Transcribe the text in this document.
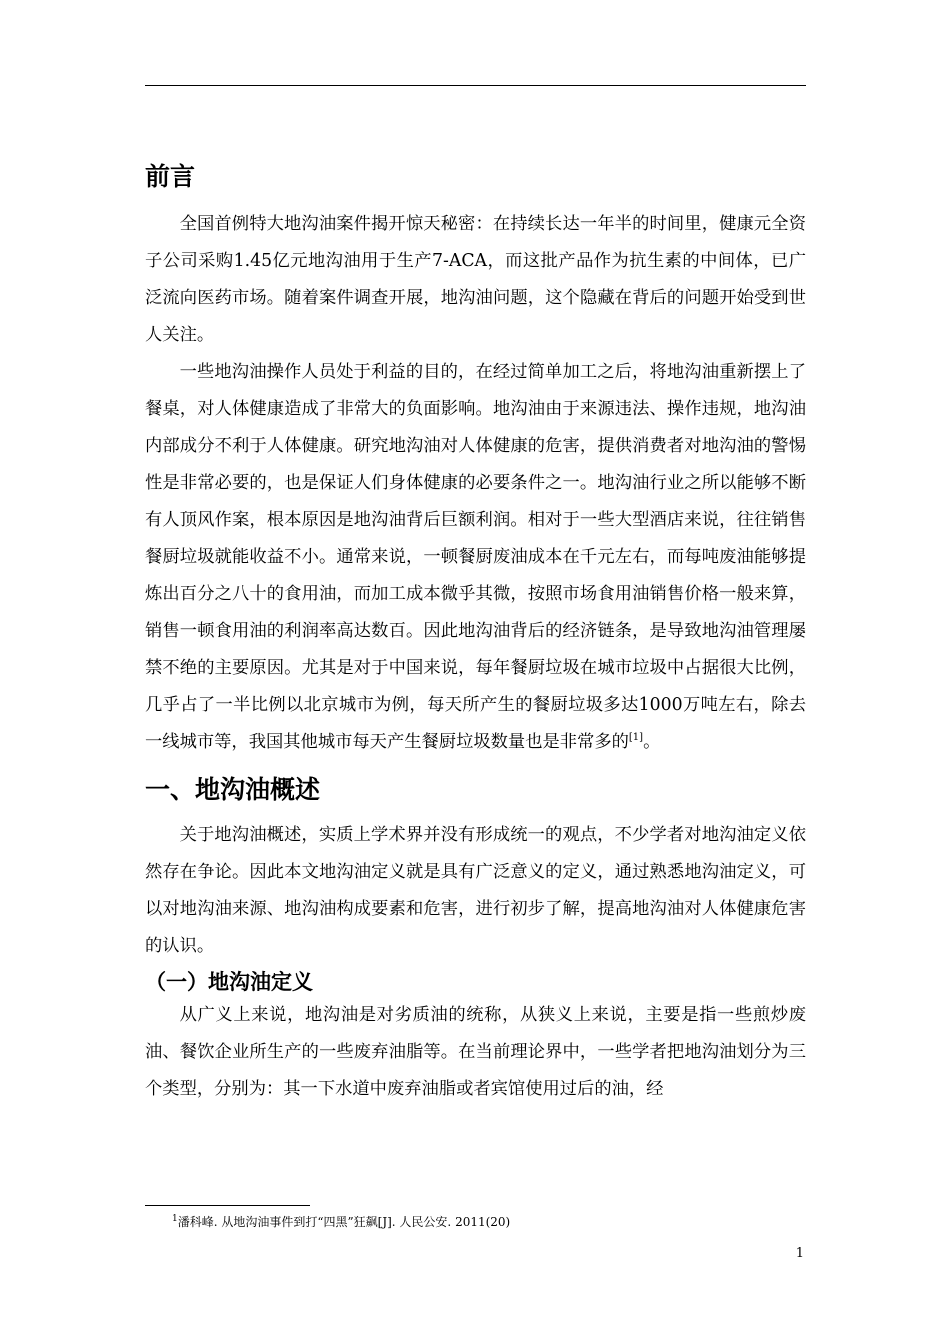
前言

全国首例特大地沟油案件揭开惊天秘密：在持续长达一年半的时间里，健康元全资子公司采购1.45亿元地沟油用于生产7-ACA，而这批产品作为抗生素的中间体，已广泛流向医药市场。随着案件调查开展，地沟油问题，这个隐藏在背后的问题开始受到世人关注。

一些地沟油操作人员处于利益的目的，在经过简单加工之后，将地沟油重新摆上了餐桌，对人体健康造成了非常大的负面影响。地沟油由于来源违法、操作违规，地沟油内部成分不利于人体健康。研究地沟油对人体健康的危害，提供消费者对地沟油的警惕性是非常必要的，也是保证人们身体健康的必要条件之一。地沟油行业之所以能够不断有人顶风作案，根本原因是地沟油背后巨额利润。相对于一些大型酒店来说，往往销售餐厨垃圾就能收益不小。通常来说，一顿餐厨废油成本在千元左右，而每吨废油能够提炼出百分之八十的食用油，而加工成本微乎其微，按照市场食用油销售价格一般来算，销售一顿食用油的利润率高达数百。因此地沟油背后的经济链条，是导致地沟油管理屡禁不绝的主要原因。尤其是对于中国来说，每年餐厨垃圾在城市垃圾中占据很大比例，几乎占了一半比例以北京城市为例，每天所产生的餐厨垃圾多达1000万吨左右，除去一线城市等，我国其他城市每天产生餐厨垃圾数量也是非常多的[1]。

一、地沟油概述

关于地沟油概述，实质上学术界并没有形成统一的观点，不少学者对地沟油定义依然存在争论。因此本文地沟油定义就是具有广泛意义的定义，通过熟悉地沟油定义，可以对地沟油来源、地沟油构成要素和危害，进行初步了解，提高地沟油对人体健康危害的认识。

（一）地沟油定义

从广义上来说，地沟油是对劣质油的统称，从狭义上来说，主要是指一些煎炒废油、餐饮企业所生产的一些废弃油脂等。在当前理论界中，一些学者把地沟油划分为三个类型，分别为：其一下水道中废弃油脂或者宾馆使用过后的油，经

$^1$潘科峰. 从地沟油事件到打“四黑”狂飙[J]. 人民公安. 2011(20)
1
